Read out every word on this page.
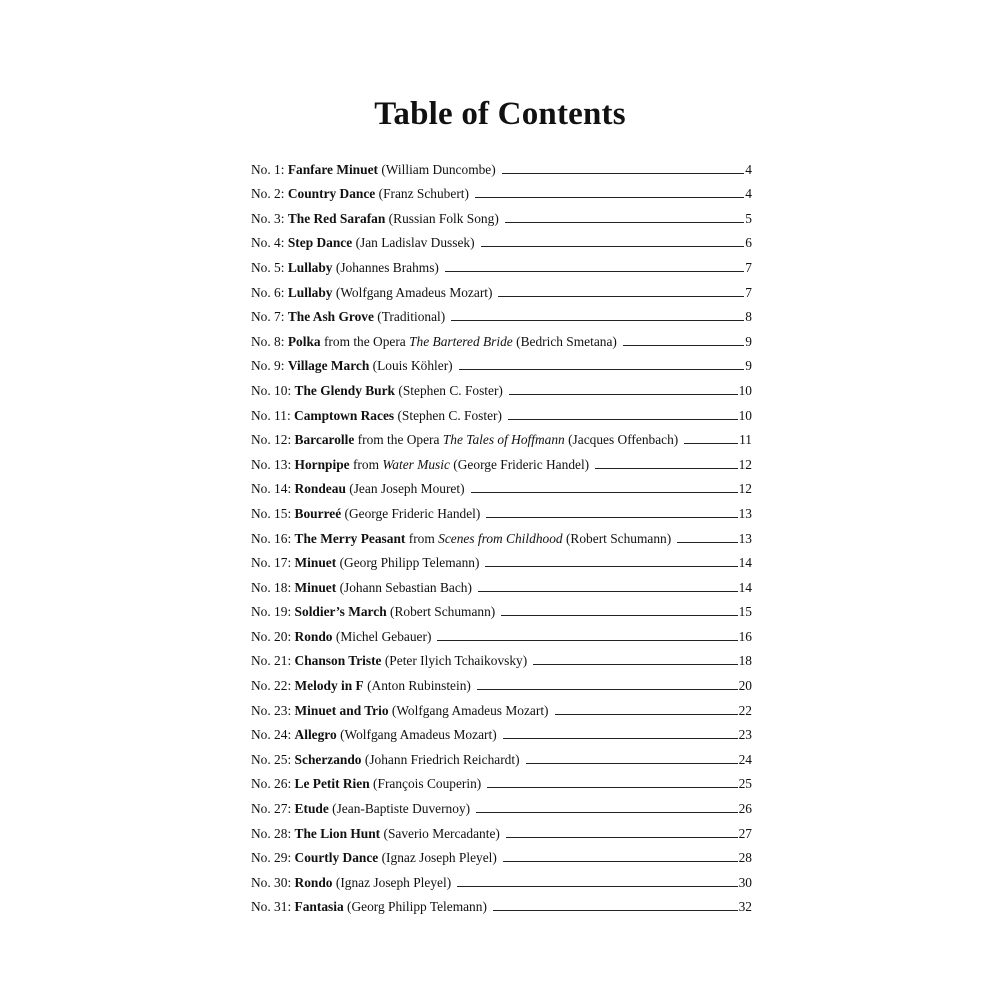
Table of Contents
No. 1: Fanfare Minuet (William Duncombe)	4
No. 2: Country Dance (Franz Schubert)	4
No. 3: The Red Sarafan (Russian Folk Song)	5
No. 4: Step Dance (Jan Ladislav Dussek)	6
No. 5: Lullaby (Johannes Brahms)	7
No. 6: Lullaby (Wolfgang Amadeus Mozart)	7
No. 7: The Ash Grove (Traditional)	8
No. 8: Polka from the Opera The Bartered Bride (Bedrich Smetana)	9
No. 9: Village March (Louis Köhler)	9
No. 10: The Glendy Burk (Stephen C. Foster)	10
No. 11: Camptown Races (Stephen C. Foster)	10
No. 12: Barcarolle from the Opera The Tales of Hoffmann (Jacques Offenbach)	11
No. 13: Hornpipe from Water Music (George Frideric Handel)	12
No. 14: Rondeau (Jean Joseph Mouret)	12
No. 15: Bourreé (George Frideric Handel)	13
No. 16: The Merry Peasant from Scenes from Childhood (Robert Schumann)	13
No. 17: Minuet (Georg Philipp Telemann)	14
No. 18: Minuet (Johann Sebastian Bach)	14
No. 19: Soldier’s March (Robert Schumann)	15
No. 20: Rondo (Michel Gebauer)	16
No. 21: Chanson Triste (Peter Ilyich Tchaikovsky)	18
No. 22: Melody in F (Anton Rubinstein)	20
No. 23: Minuet and Trio (Wolfgang Amadeus Mozart)	22
No. 24: Allegro (Wolfgang Amadeus Mozart)	23
No. 25: Scherzando (Johann Friedrich Reichardt)	24
No. 26: Le Petit Rien (François Couperin)	25
No. 27: Etude (Jean-Baptiste Duvernoy)	26
No. 28: The Lion Hunt (Saverio Mercadante)	27
No. 29: Courtly Dance (Ignaz Joseph Pleyel)	28
No. 30: Rondo (Ignaz Joseph Pleyel)	30
No. 31: Fantasia (Georg Philipp Telemann)	32
